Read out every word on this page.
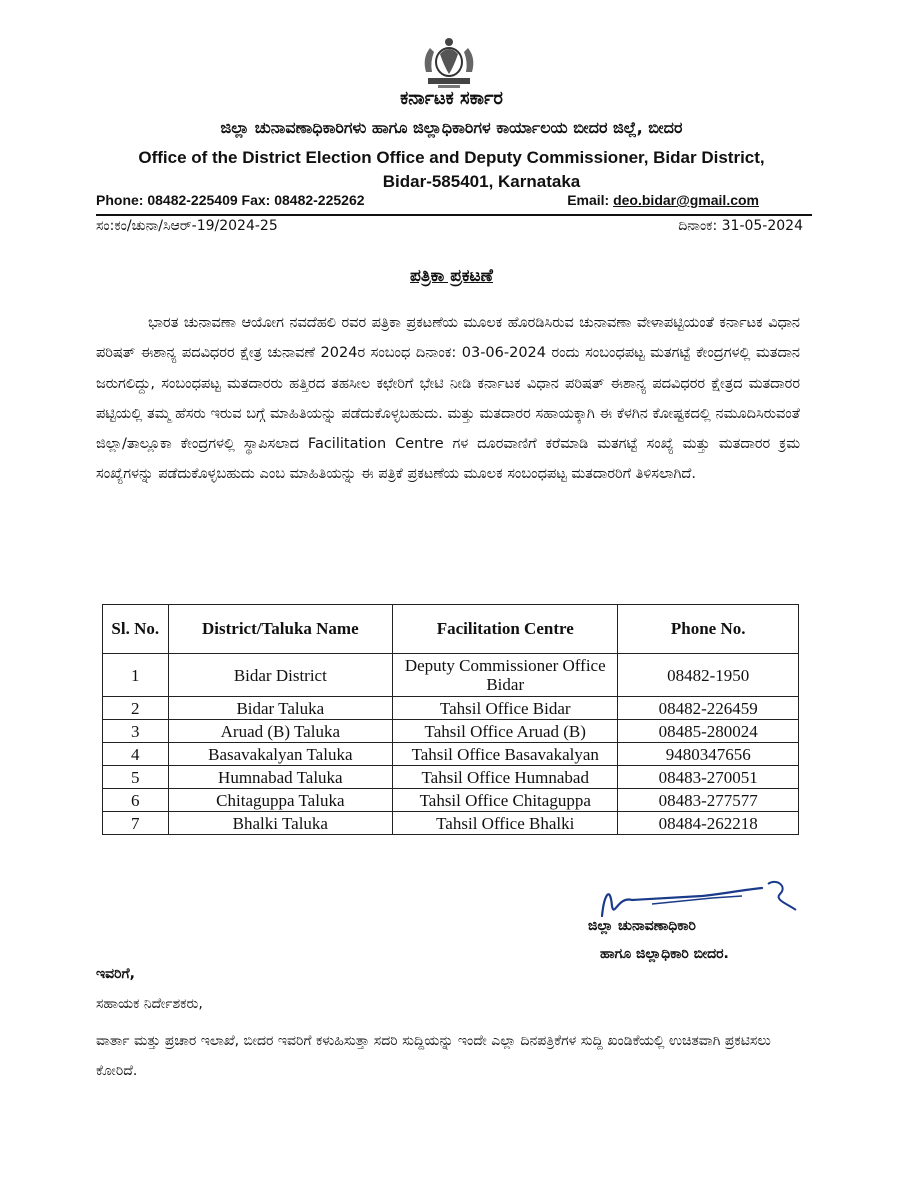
ಕರ್ನಾಟಕ ಸರ್ಕಾರ
ಜಿಲ್ಲಾ ಚುನಾವಣಾಧಿಕಾರಿಗಳು ಹಾಗೂ ಜಿಲ್ಲಾಧಿಕಾರಿಗಳ ಕಾರ್ಯಾಲಯ ಬೀದರ ಜಿಲ್ಲೆ, ಬೀದರ
Office of the District Election Office and Deputy Commissioner, Bidar District,
Bidar-585401, Karnataka
Phone: 08482-225409 Fax: 08482-225262	Email: deo.bidar@gmail.com
ಸಂ:ಕಂ/ಚುನಾ/ಸಿಆರ್-19/2024-25	ದಿನಾಂಕ: 31-05-2024
ಪತ್ರಿಕಾ ಪ್ರಕಟಣೆ
ಭಾರತ ಚುನಾವಣಾ ಆಯೋಗ ನವದೆಹಲಿ ರವರ ಪತ್ರಿಕಾ ಪ್ರಕಟಣೆಯ ಮೂಲಕ ಹೊರಡಿಸಿರುವ ಚುನಾವಣಾ ವೇಳಾಪಟ್ಟಿಯಂತೆ ಕರ್ನಾಟಕ ವಿಧಾನ ಪರಿಷತ್ ಈಶಾನ್ಯ ಪದವಿಧರರ ಕ್ಷೇತ್ರ ಚುನಾವಣೆ 2024ರ ಸಂಬಂಧ ದಿನಾಂಕ: 03-06-2024 ರಂದು ಸಂಬಂಧಪಟ್ಟ ಮತಗಟ್ಟೆ ಕೇಂದ್ರಗಳಲ್ಲಿ ಮತದಾನ ಜರುಗಲಿದ್ದು, ಸಂಬಂಧಪಟ್ಟ ಮತದಾರರು ಹತ್ತಿರದ ತಹಸೀಲ ಕಛೇರಿಗೆ ಭೇಟಿ ನೀಡಿ ಕರ್ನಾಟಕ ವಿಧಾನ ಪರಿಷತ್ ಈಶಾನ್ಯ ಪದವಿಧರರ ಕ್ಷೇತ್ರದ ಮತದಾರರ ಪಟ್ಟಿಯಲ್ಲಿ ತಮ್ಮ ಹೆಸರು ಇರುವ ಬಗ್ಗೆ ಮಾಹಿತಿಯನ್ನು ಪಡೆದುಕೊಳ್ಳಬಹುದು. ಮತ್ತು ಮತದಾರರ ಸಹಾಯಕ್ಕಾಗಿ ಈ ಕೆಳಗಿನ ಕೋಷ್ಟಕದಲ್ಲಿ ನಮೂದಿಸಿರುವಂತೆ ಜಿಲ್ಲಾ/ತಾಲ್ಲೂಕಾ ಕೇಂದ್ರಗಳಲ್ಲಿ ಸ್ಥಾಪಿಸಲಾದ Facilitation Centre ಗಳ ದೂರವಾಣಿಗೆ ಕರೆಮಾಡಿ ಮತಗಟ್ಟೆ ಸಂಖ್ಯೆ ಮತ್ತು ಮತದಾರರ ಕ್ರಮ ಸಂಖ್ಯೆಗಳನ್ನು ಪಡೆದುಕೊಳ್ಳಬಹುದು ಎಂಬ ಮಾಹಿತಿಯನ್ನು ಈ ಪತ್ರಿಕೆ ಪ್ರಕಟಣೆಯ ಮೂಲಕ ಸಂಬಂಧಪಟ್ಟ ಮತದಾರರಿಗೆ ತಿಳಿಸಲಾಗಿದೆ.
Sl. No.	District/Taluka Name	Facilitation Centre	Phone No.
1	Bidar District	Deputy Commissioner Office Bidar	08482-1950
2	Bidar Taluka	Tahsil Office Bidar	08482-226459
3	Aruad (B) Taluka	Tahsil Office Aruad (B)	08485-280024
4	Basavakalyan Taluka	Tahsil Office Basavakalyan	9480347656
5	Humnabad Taluka	Tahsil Office Humnabad	08483-270051
6	Chitaguppa Taluka	Tahsil Office Chitaguppa	08483-277577
7	Bhalki Taluka	Tahsil Office Bhalki	08484-262218
ಜಿಲ್ಲಾ ಚುನಾವಣಾಧಿಕಾರಿ
ಹಾಗೂ ಜಿಲ್ಲಾಧಿಕಾರಿ ಬೀದರ.
ಇವರಿಗೆ,
ಸಹಾಯಕ ನಿರ್ದೇಶಕರು,
ವಾರ್ತಾ ಮತ್ತು ಪ್ರಚಾರ ಇಲಾಖೆ, ಬೀದರ ಇವರಿಗೆ ಕಳುಹಿಸುತ್ತಾ ಸದರಿ ಸುದ್ದಿಯನ್ನು ಇಂದೇ ಎಲ್ಲಾ ದಿನಪತ್ರಿಕೆಗಳ ಸುದ್ದಿ ಖಂಡಿಕೆಯಲ್ಲಿ ಉಚಿತವಾಗಿ ಪ್ರಕಟಿಸಲು ಕೋರಿದೆ.
